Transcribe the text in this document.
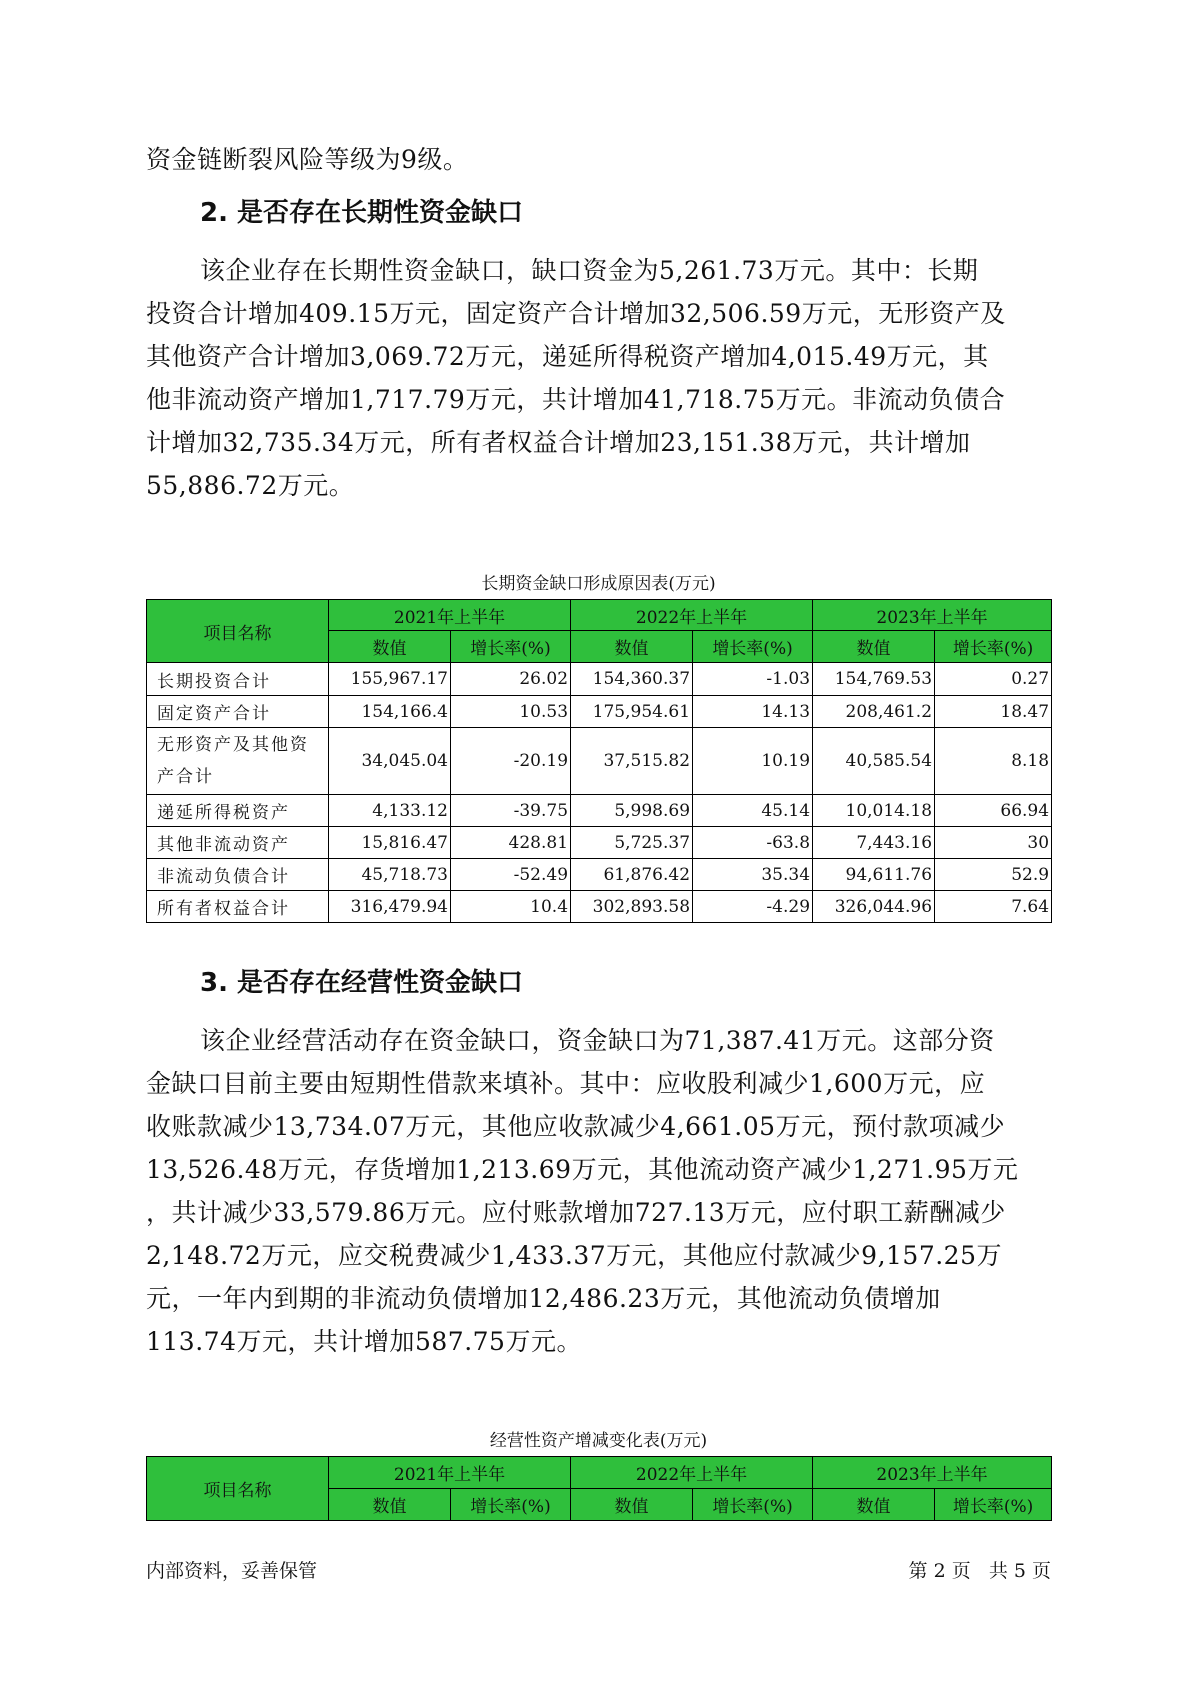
资金链断裂风险等级为9级。

2. 是否存在长期性资金缺口

该企业存在长期性资金缺口，缺口资金为5,261.73万元。其中：长期
投资合计增加409.15万元，固定资产合计增加32,506.59万元，无形资产及
其他资产合计增加3,069.72万元，递延所得税资产增加4,015.49万元，其
他非流动资产增加1,717.79万元，共计增加41,718.75万元。非流动负债合
计增加32,735.34万元，所有者权益合计增加23,151.38万元，共计增加
55,886.72万元。

长期资金缺口形成原因表(万元)
项目名称	2021年上半年		2022年上半年		2023年上半年	
	数值	增长率(%)	数值	增长率(%)	数值	增长率(%)
长期投资合计	155,967.17	26.02	154,360.37	-1.03	154,769.53	0.27
固定资产合计	154,166.4	10.53	175,954.61	14.13	208,461.2	18.47
无形资产及其他资
产合计	34,045.04	-20.19	37,515.82	10.19	40,585.54	8.18
递延所得税资产	4,133.12	-39.75	5,998.69	45.14	10,014.18	66.94
其他非流动资产	15,816.47	428.81	5,725.37	-63.8	7,443.16	30
非流动负债合计	45,718.73	-52.49	61,876.42	35.34	94,611.76	52.9
所有者权益合计	316,479.94	10.4	302,893.58	-4.29	326,044.96	7.64
3. 是否存在经营性资金缺口

该企业经营活动存在资金缺口，资金缺口为71,387.41万元。这部分资
金缺口目前主要由短期性借款来填补。其中：应收股利减少1,600万元，应
收账款减少13,734.07万元，其他应收款减少4,661.05万元，预付款项减少
13,526.48万元，存货增加1,213.69万元，其他流动资产减少1,271.95万元
，共计减少33,579.86万元。应付账款增加727.13万元，应付职工薪酬减少
2,148.72万元，应交税费减少1,433.37万元，其他应付款减少9,157.25万
元，一年内到期的非流动负债增加12,486.23万元，其他流动负债增加
113.74万元，共计增加587.75万元。

经营性资产增减变化表(万元)
项目名称	2021年上半年		2022年上半年		2023年上半年	
	数值	增长率(%)	数值	增长率(%)	数值	增长率(%)
内部资料，妥善保管	第 2 页   共 5 页
